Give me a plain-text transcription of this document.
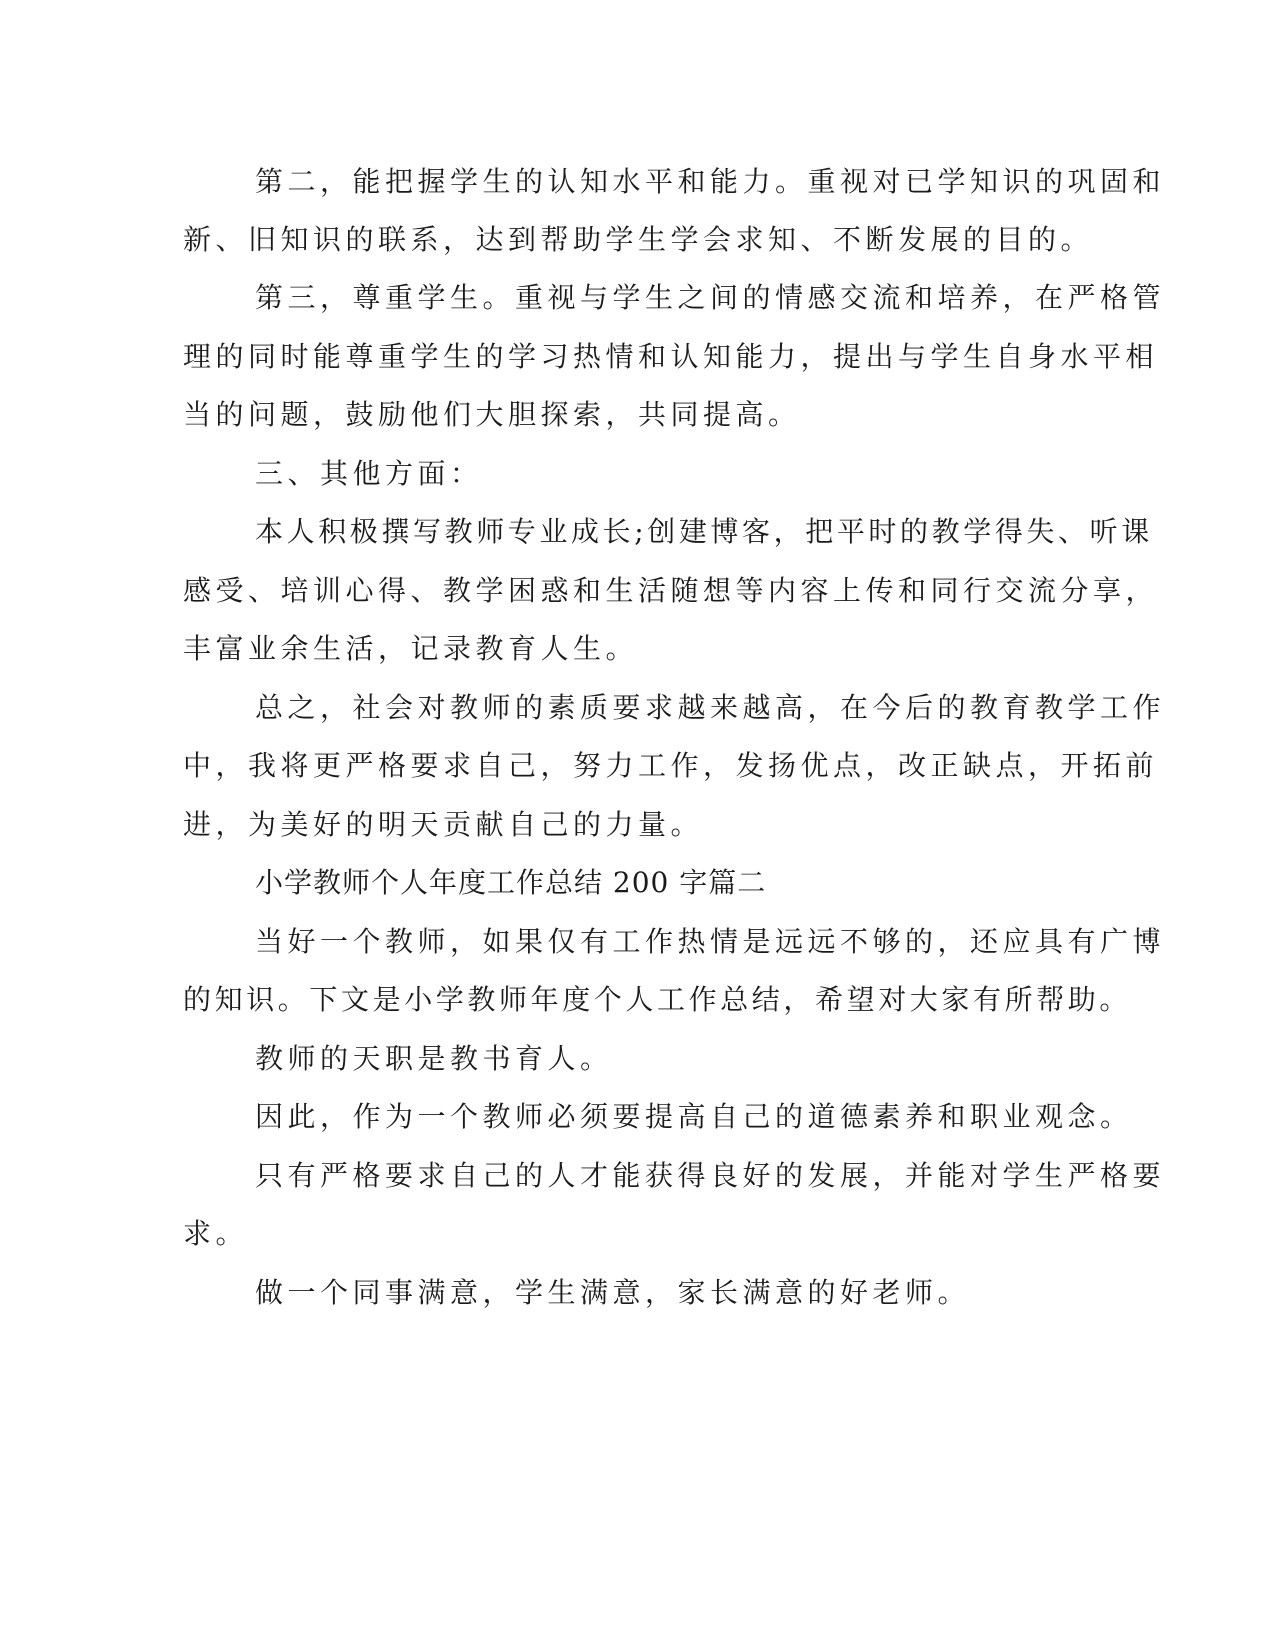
第二，能把握学生的认知水平和能力。重视对已学知识的巩固和
新、旧知识的联系，达到帮助学生学会求知、不断发展的目的。
第三，尊重学生。重视与学生之间的情感交流和培养，在严格管
理的同时能尊重学生的学习热情和认知能力，提出与学生自身水平相
当的问题，鼓励他们大胆探索，共同提高。
三、其他方面：
本人积极撰写教师专业成长;创建博客，把平时的教学得失、听课
感受、培训心得、教学困惑和生活随想等内容上传和同行交流分享，
丰富业余生活，记录教育人生。
总之，社会对教师的素质要求越来越高，在今后的教育教学工作
中，我将更严格要求自己，努力工作，发扬优点，改正缺点，开拓前
进，为美好的明天贡献自己的力量。
小学教师个人年度工作总结 200 字篇二
当好一个教师，如果仅有工作热情是远远不够的，还应具有广博
的知识。下文是小学教师年度个人工作总结，希望对大家有所帮助。
教师的天职是教书育人。
因此，作为一个教师必须要提高自己的道德素养和职业观念。
只有严格要求自己的人才能获得良好的发展，并能对学生严格要
求。
做一个同事满意，学生满意，家长满意的好老师。
